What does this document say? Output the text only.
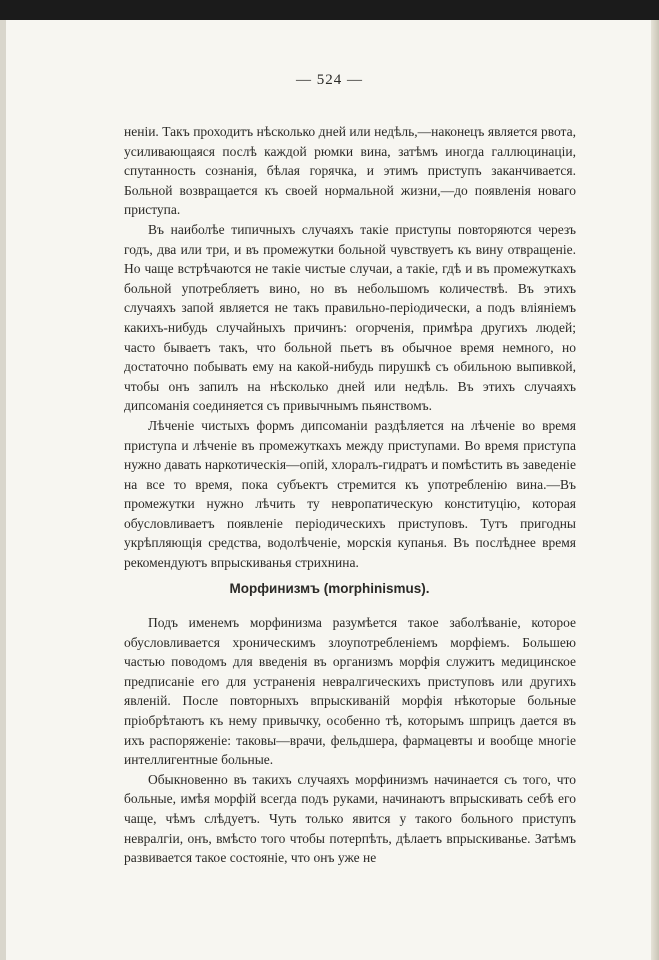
— 524 —

ненiи. Такъ проходитъ нѣсколько дней или недѣль,—наконецъ является рвота, усиливающаяся послѣ каждой рюмки вина, затѣмъ иногда галлюцинацiи, спутанность сознанiя, бѣлая горячка, и этимъ приступъ заканчивается. Больной возвращается къ своей нормальной жизни,—до появленiя новаго приступа.

Въ наиболѣе типичныхъ случаяхъ такiе приступы повторяются черезъ годъ, два или три, и въ промежутки больной чувствуетъ къ вину отвращенiе. Но чаще встрѣчаются не такiе чистые случаи, а такiе, гдѣ и въ промежуткахъ больной употребляетъ вино, но въ небольшомъ количествѣ. Въ этихъ случаяхъ запой является не такъ правильно-перiодически, а подъ влiянiемъ какихъ-нибудь случайныхъ причинъ: огорченiя, примѣра другихъ людей; часто бываетъ такъ, что больной пьетъ въ обычное время немного, но достаточно побывать ему на какой-нибудь пирушкѣ съ обильною выпивкой, чтобы онъ запилъ на нѣсколько дней или недѣль. Въ этихъ случаяхъ дипсоманiя соединяется съ привычнымъ пьянствомъ.

Лѣченiе чистыхъ формъ дипсоманiи раздѣляется на лѣченiе во время приступа и лѣченiе въ промежуткахъ между приступами. Во время приступа нужно давать наркотическiя—опiй, хлоралъ-гидратъ и помѣстить въ заведенiе на все то время, пока субъектъ стремится къ употребленiю вина.—Въ промежутки нужно лѣчить ту невропатическую конституцiю, которая обусловливаетъ появленiе перiодическихъ приступовъ. Тутъ пригодны укрѣпляющiя средства, водолѣченiе, морскiя купанья. Въ послѣднее время рекомендуютъ впрыскиванья стрихнина.

Морфинизмъ (morphinismus).

Подъ именемъ морфинизма разумѣется такое заболѣванiе, которое обусловливается хроническимъ злоупотребленiемъ морфiемъ. Большею частью поводомъ для введенiя въ организмъ морфiя служитъ медицинское предписанiе его для устраненiя невралгическихъ приступовъ или другихъ явленiй. После повторныхъ впрыскиванiй морфiя нѣкоторые больные прiобрѣтаютъ къ нему привычку, особенно тѣ, которымъ шприцъ дается въ ихъ распоряженiе: таковы—врачи, фельдшера, фармацевты и вообще многiе интеллигентные больные.

Обыкновенно въ такихъ случаяхъ морфинизмъ начинается съ того, что больные, имѣя морфiй всегда подъ руками, начинаютъ впрыскивать себѣ его чаще, чѣмъ слѣдуетъ. Чуть только явится у такого больного приступъ невралгiи, онъ, вмѣсто того чтобы потерпѣть, дѣлаетъ впрыскиванье. Затѣмъ развивается такое состоянiе, что онъ уже не
